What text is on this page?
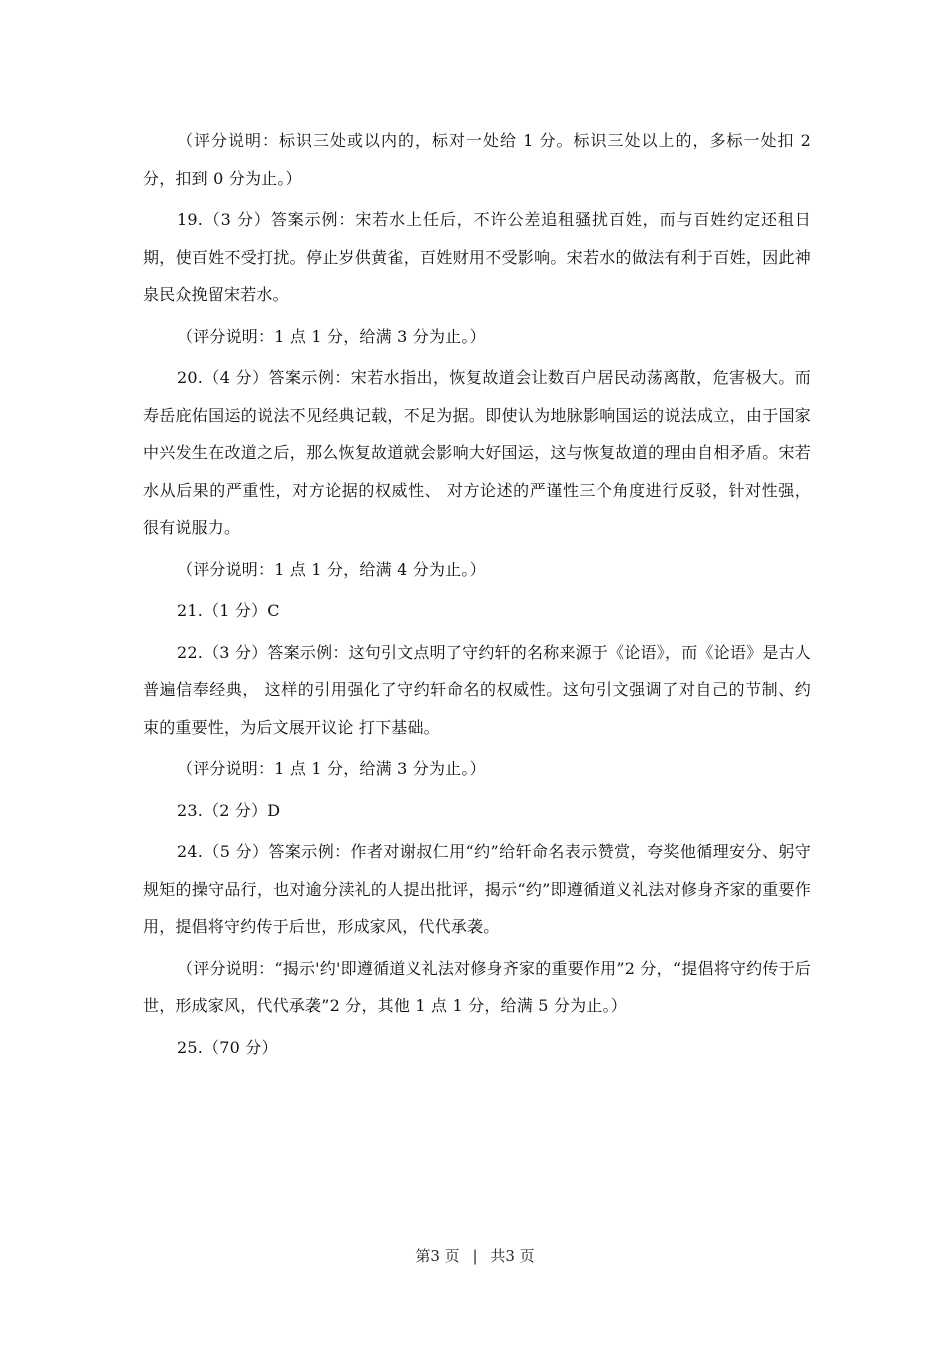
（评分说明：标识三处或以内的，标对一处给 1 分。标识三处以上的，多标一处扣 2 分，扣到 0 分为止。）

19.（3 分）答案示例：宋若水上任后，不许公差追租骚扰百姓，而与百姓约定还租日期，使百姓不受打扰。停止岁供黄雀，百姓财用不受影响。宋若水的做法有利于百姓，因此神泉民众挽留宋若水。

（评分说明：1 点 1 分，给满 3 分为止。）

20.（4 分）答案示例：宋若水指出，恢复故道会让数百户居民动荡离散，危害极大。而寿岳庇佑国运的说法不见经典记载，不足为据。即使认为地脉影响国运的说法成立，由于国家中兴发生在改道之后，那么恢复故道就会影响大好国运，这与恢复故道的理由自相矛盾。宋若水从后果的严重性，对方论据的权威性、 对方论述的严谨性三个角度进行反驳，针对性强，很有说服力。

（评分说明：1 点 1 分，给满 4 分为止。）

21.（1 分）C

22.（3 分）答案示例：这句引文点明了守约轩的名称来源于《论语》，而《论语》是古人普遍信奉经典， 这样的引用强化了守约轩命名的权威性。这句引文强调了对自己的节制、约束的重要性，为后文展开议论 打下基础。

（评分说明：1 点 1 分，给满 3 分为止。）

23.（2 分）D

24.（5 分）答案示例：作者对谢叔仁用“约”给轩命名表示赞赏，夸奖他循理安分、躬守规矩的操守品行，也对逾分渎礼的人提出批评，揭示“约”即遵循道义礼法对修身齐家的重要作用，提倡将守约传于后世，形成家风，代代承袭。

（评分说明：“揭示'约'即遵循道义礼法对修身齐家的重要作用”2 分，“提倡将守约传于后世，形成家风，代代承袭”2 分，其他 1 点 1 分，给满 5 分为止。）

25.（70 分）

第3 页 | 共3 页
